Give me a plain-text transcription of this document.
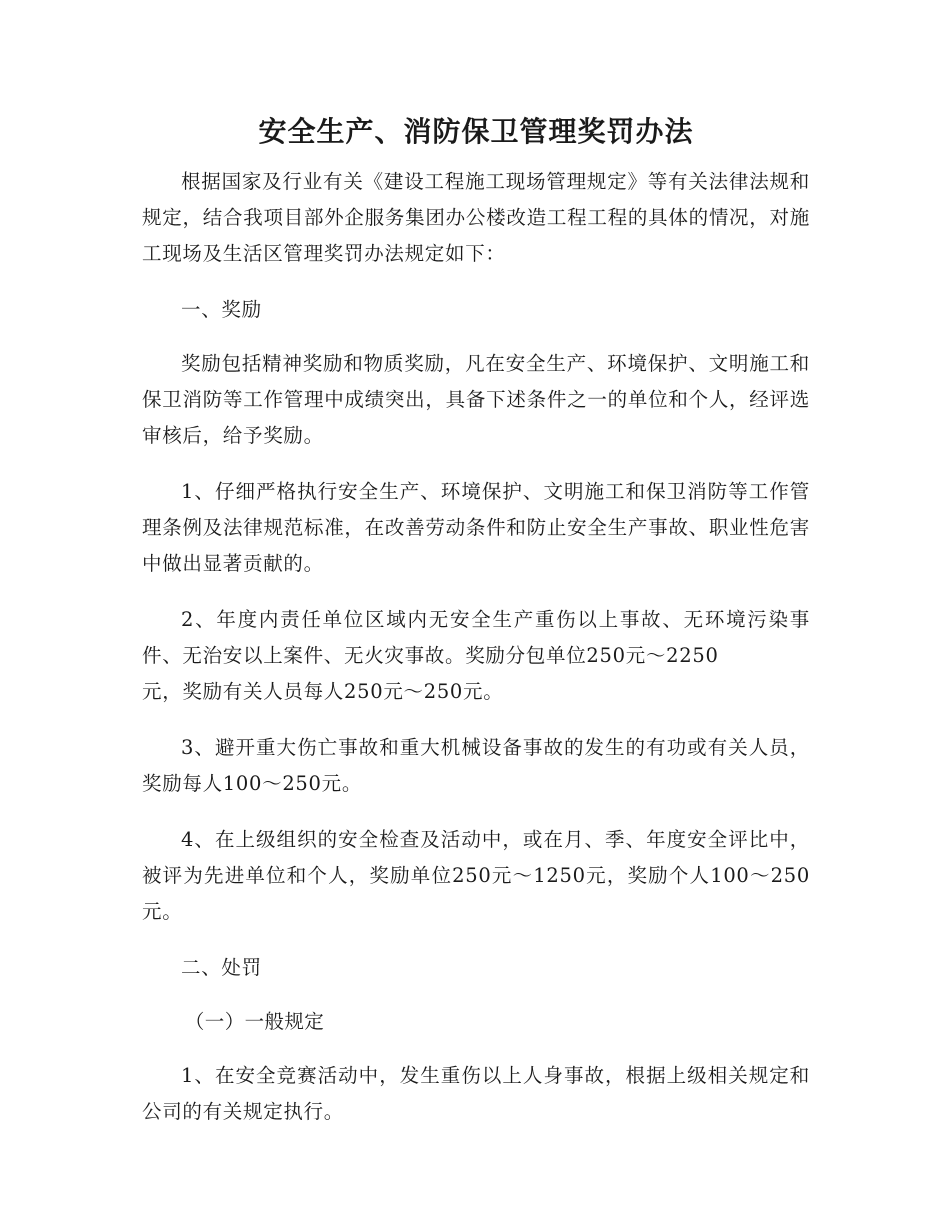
安全生产、消防保卫管理奖罚办法

根据国家及行业有关《建设工程施工现场管理规定》等有关法律法规和规定，结合我项目部外企服务集团办公楼改造工程工程的具体的情况，对施工现场及生活区管理奖罚办法规定如下：

一、奖励

奖励包括精神奖励和物质奖励，凡在安全生产、环境保护、文明施工和保卫消防等工作管理中成绩突出，具备下述条件之一的单位和个人，经评选审核后，给予奖励。

1、仔细严格执行安全生产、环境保护、文明施工和保卫消防等工作管理条例及法律规范标准，在改善劳动条件和防止安全生产事故、职业性危害中做出显著贡献的。

2、年度内责任单位区域内无安全生产重伤以上事故、无环境污染事件、无治安以上案件、无火灾事故。奖励分包单位250元～2250
元，奖励有关人员每人250元～250元。

3、避开重大伤亡事故和重大机械设备事故的发生的有功或有关人员，奖励每人100～250元。

4、在上级组织的安全检查及活动中，或在月、季、年度安全评比中，被评为先进单位和个人，奖励单位250元～1250元，奖励个人100～250元。

二、处罚

（一）一般规定

1、在安全竞赛活动中，发生重伤以上人身事故，根据上级相关规定和公司的有关规定执行。
